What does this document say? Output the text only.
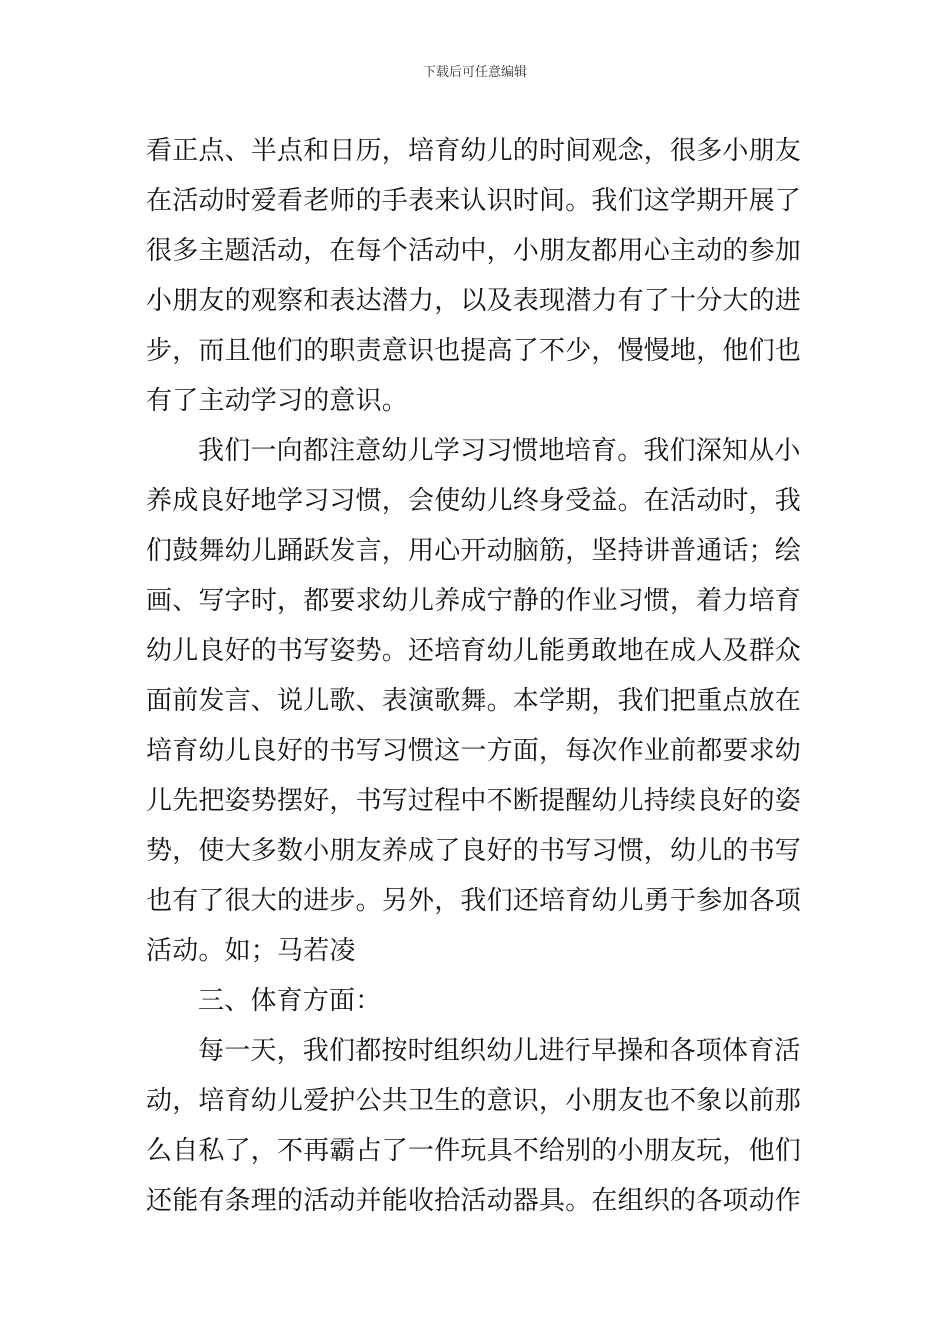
下载后可任意编辑
看正点、半点和日历，培育幼儿的时间观念，很多小朋友
在活动时爱看老师的手表来认识时间。我们这学期开展了
很多主题活动，在每个活动中，小朋友都用心主动的参加
小朋友的观察和表达潜力，以及表现潜力有了十分大的进
步，而且他们的职责意识也提高了不少，慢慢地，他们也
有了主动学习的意识。
我们一向都注意幼儿学习习惯地培育。我们深知从小
养成良好地学习习惯，会使幼儿终身受益。在活动时，我
们鼓舞幼儿踊跃发言，用心开动脑筋，坚持讲普通话；绘
画、写字时，都要求幼儿养成宁静的作业习惯，着力培育
幼儿良好的书写姿势。还培育幼儿能勇敢地在成人及群众
面前发言、说儿歌、表演歌舞。本学期，我们把重点放在
培育幼儿良好的书写习惯这一方面，每次作业前都要求幼
儿先把姿势摆好，书写过程中不断提醒幼儿持续良好的姿
势，使大多数小朋友养成了良好的书写习惯，幼儿的书写
也有了很大的进步。另外，我们还培育幼儿勇于参加各项
活动。如；马若凌
三、体育方面：
每一天，我们都按时组织幼儿进行早操和各项体育活
动，培育幼儿爱护公共卫生的意识，小朋友也不象以前那
么自私了，不再霸占了一件玩具不给别的小朋友玩，他们
还能有条理的活动并能收拾活动器具。在组织的各项动作
